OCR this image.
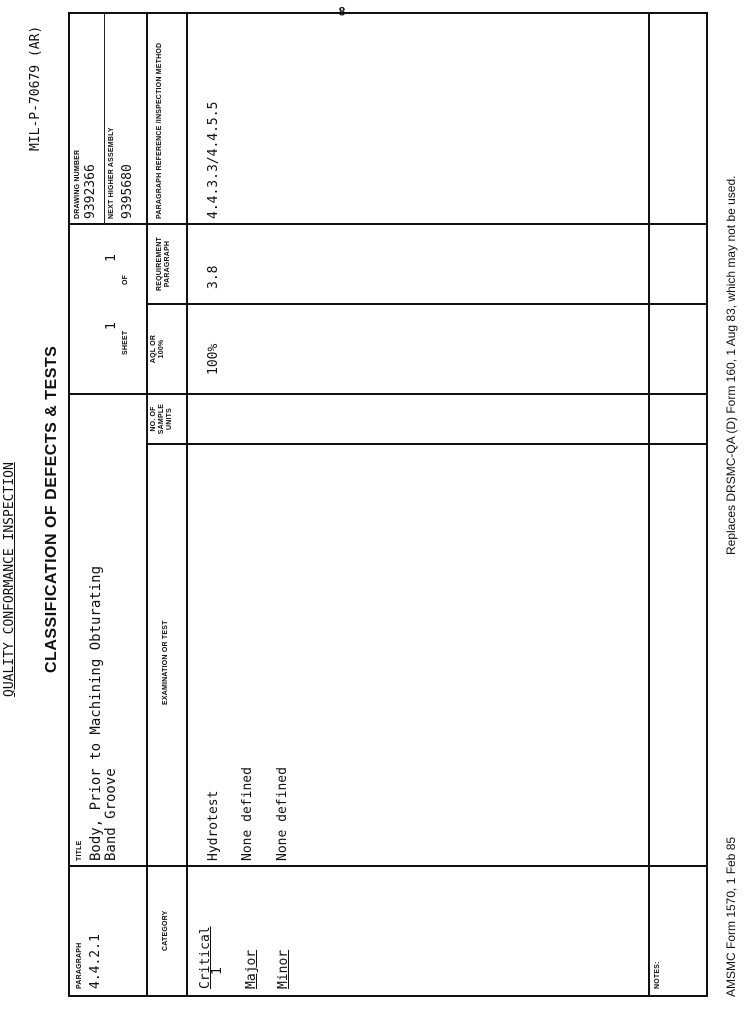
QUALITY CONFORMANCE INSPECTION
MIL-P-70679 (AR)
CLASSIFICATION OF DEFECTS & TESTS
PARAGRAPH 4.4.2.1
TITLE Body, Prior to Machining Obturating Band Groove
SHEET
1
OF
1
DRAWING NUMBER 9392366 NEXT HIGHER ASSEMBLY 9395680
CATEGORY
EXAMINATION OR TEST
NO. OF SAMPLE UNITS
AQL OR 100%
REQUIREMENT PARAGRAPH
PARAGRAPH REFERENCE /INSPECTION METHOD
Critical
1
Hydrotest
100%
3.8
4.4.3.3/4.4.5.5
Major
None defined
Minor
None defined
NOTES:	AMSMC Form 1570, 1 Feb 85
Replaces DRSMC-QA (D) Form 160, 1 Aug 83, which may not be used.
8
